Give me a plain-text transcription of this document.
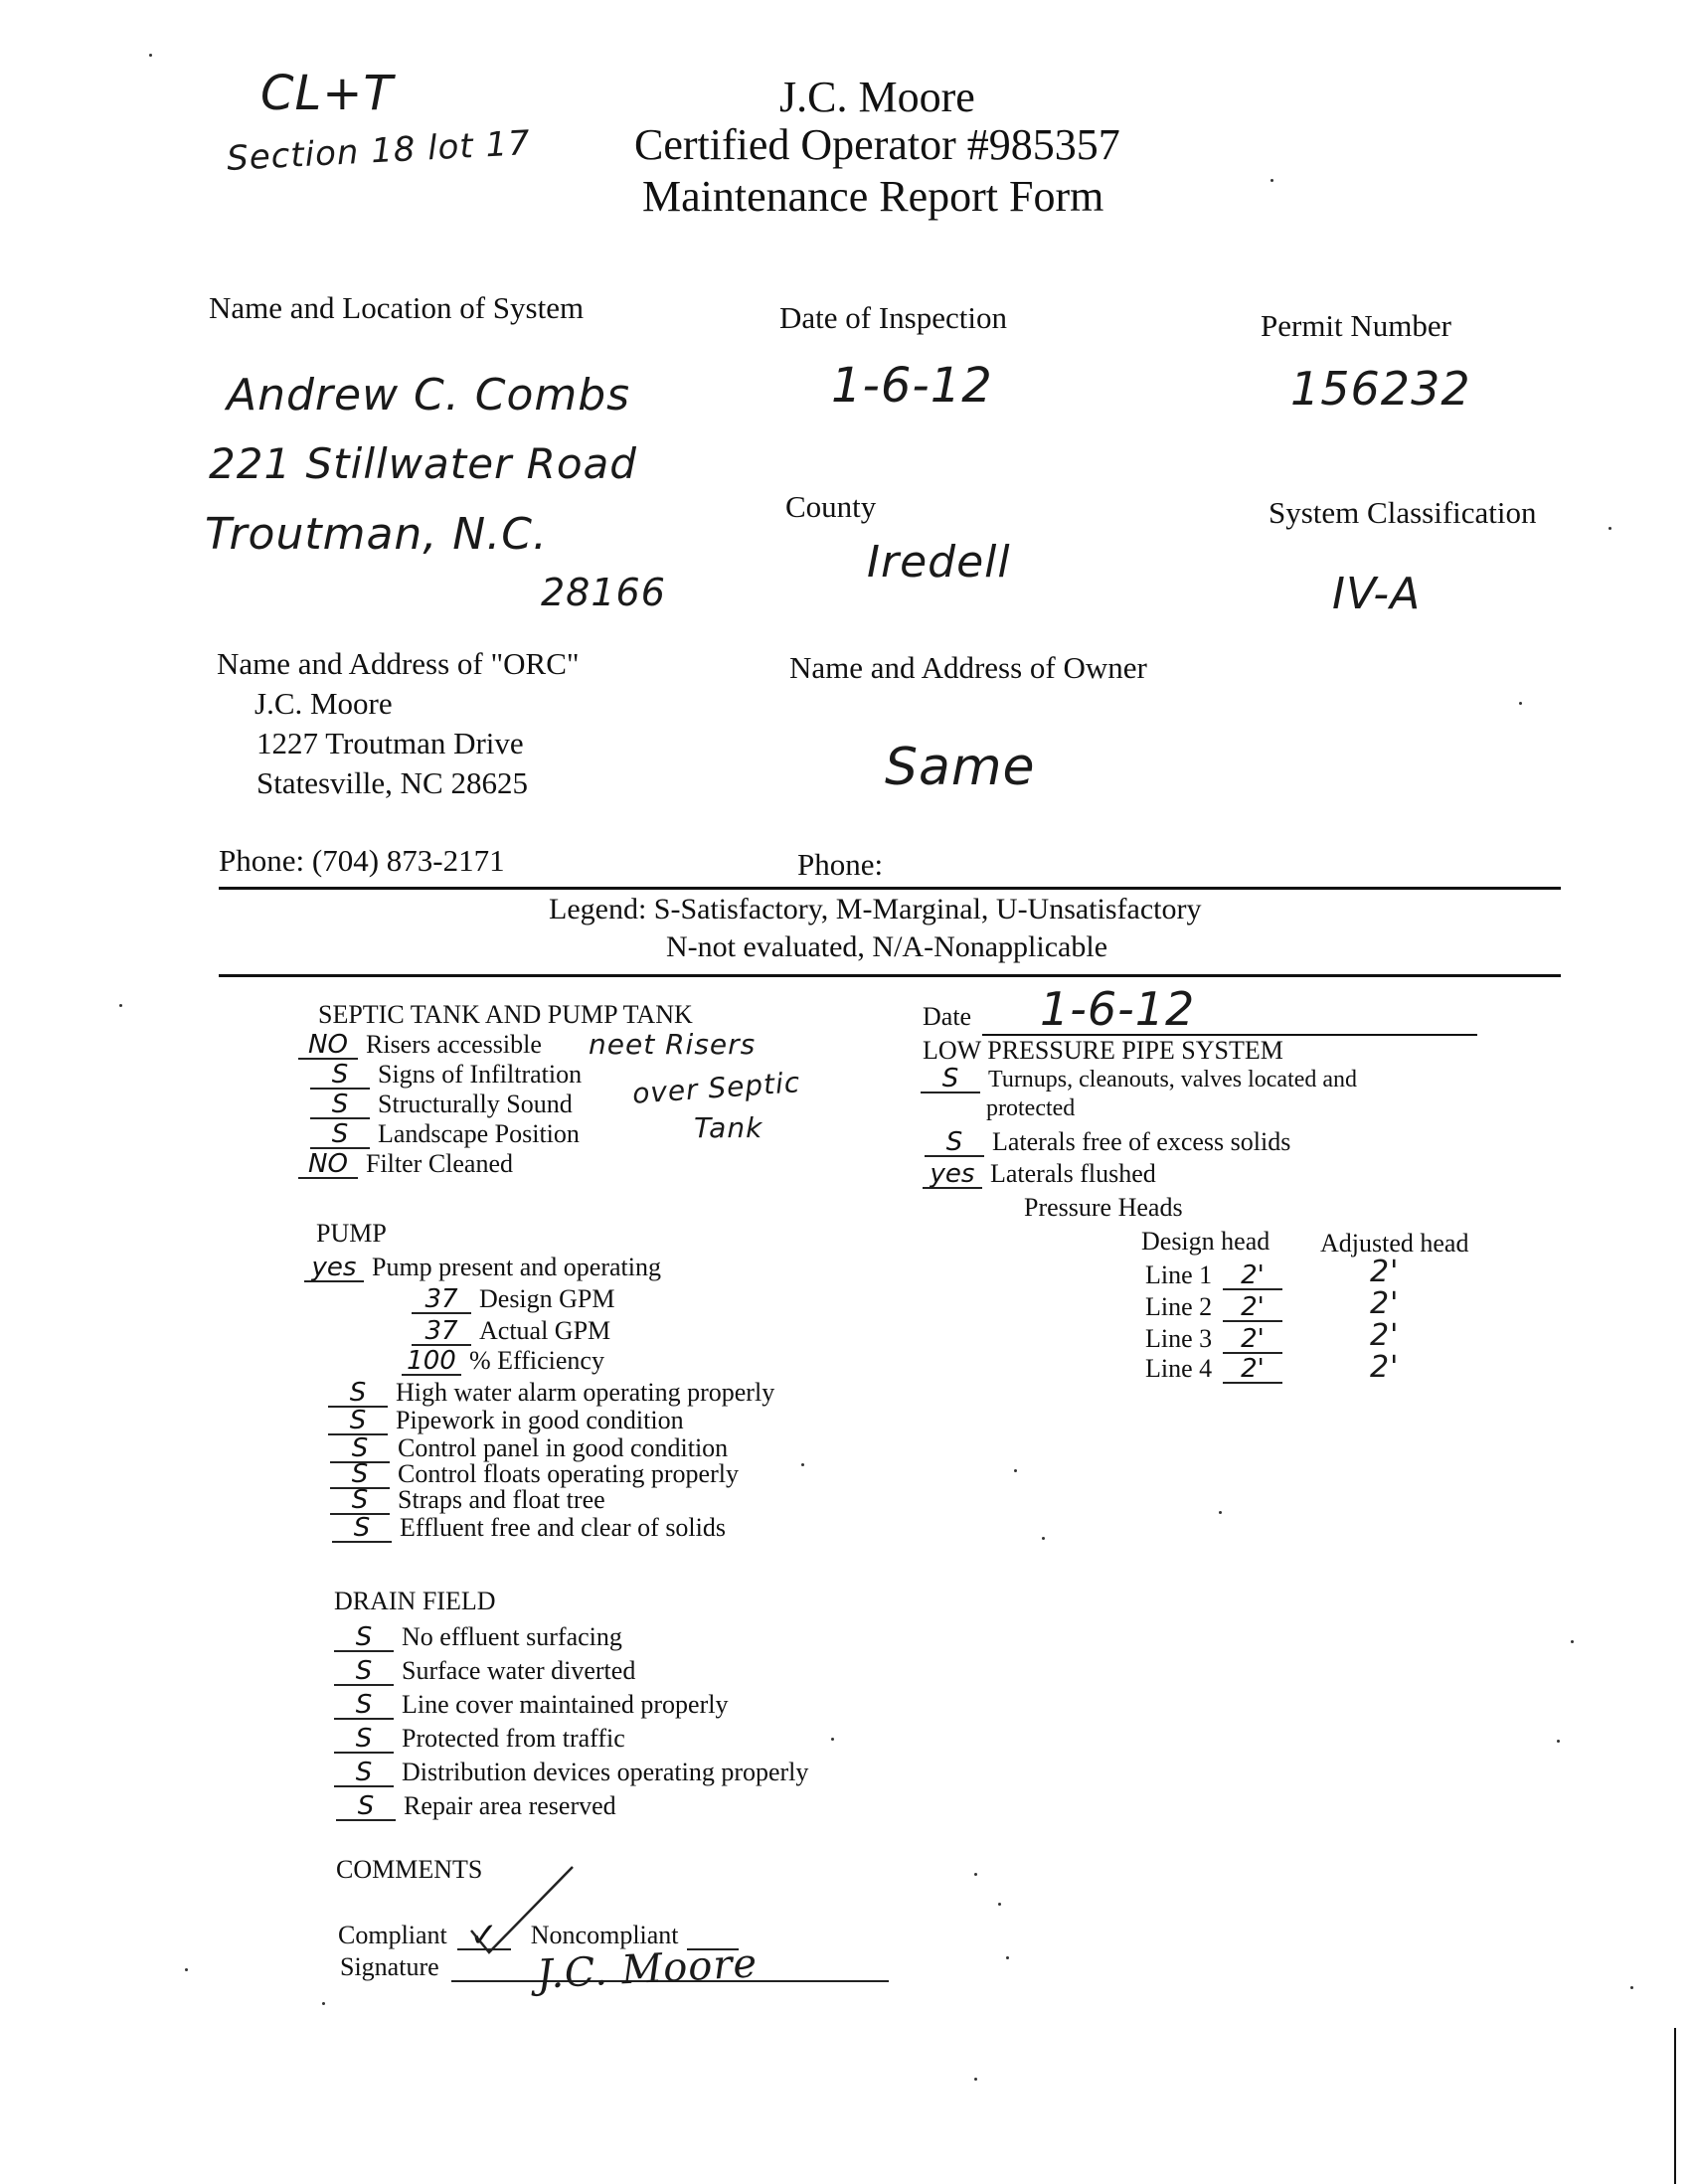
CL+T
Section 18 lot 17
J.C. Moore
Certified Operator #985357
Maintenance Report Form
Name and Location of System
Andrew C. Combs
221 Stillwater Road
Troutman, N.C.
28166
Date of Inspection
1-6-12
Permit Number
156232
County
Iredell
System Classification
IV-A
Name and Address of "ORC"
J.C. Moore
1227 Troutman Drive
Statesville, NC 28625
Phone: (704) 873-2171
Name and Address of Owner
Same
Phone:
Legend: S-Satisfactory, M-Marginal, U-Unsatisfactory
N-not evaluated, N/A-Nonapplicable
SEPTIC TANK AND PUMP TANK
NO Risers accessible
S	Signs of Infiltration
S	Structurally Sound
S	Landscape Position
NO Filter Cleaned
neet Risers
over Septic
Tank
PUMP
yes Pump present and operating
37 Design GPM
37 Actual GPM
100 % Efficiency
S	High water alarm operating properly
S	Pipework in good condition
S	Control panel in good condition
S	Control floats operating properly
S	Straps and float tree
S	Effluent free and clear of solids
DRAIN FIELD
S	No effluent surfacing
S	Surface water diverted
S	Line cover maintained properly
S	Protected from traffic
S	Distribution devices operating properly
S	Repair area reserved
Date 1-6-12
LOW PRESSURE PIPE SYSTEM
S	Turnups, cleanouts, valves located and
protected
S	Laterals free of excess solids
yes Laterals flushed
Pressure Heads
Design head Adjusted head
Line 1	2'	2'
Line 2	2'	2'
Line 3	2'	2'
Line 4	2'	2'
COMMENTS
Compliant ✓	Noncompliant
Signature J.C. Moore
